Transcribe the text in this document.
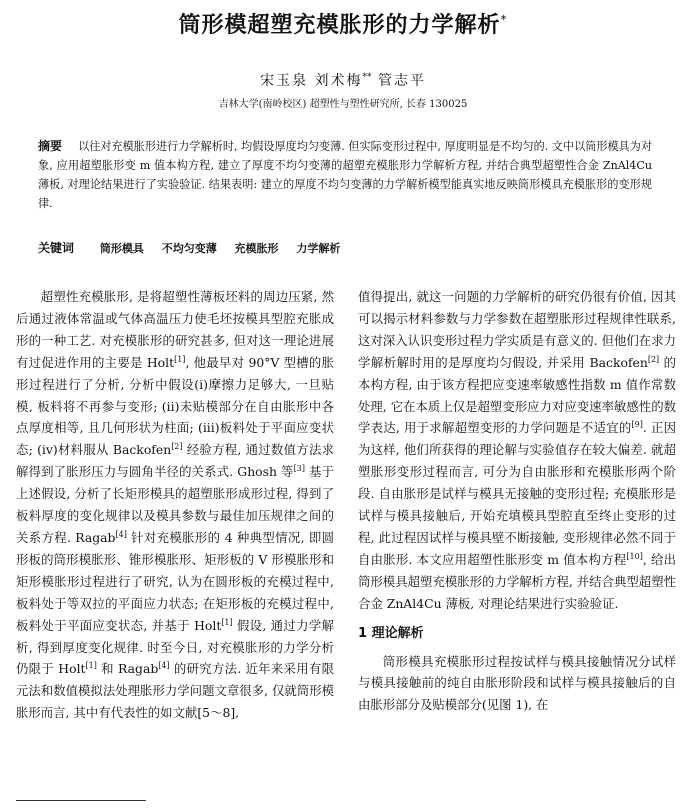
筒形模超塑充模胀形的力学解析*
宋玉泉 刘术梅** 管志平
吉林大学(南岭校区) 超塑性与塑性研究所, 长春 130025
摘要 以往对充模胀形进行力学解析时, 均假设厚度均匀变薄. 但实际变形过程中, 厚度明显是不均匀的. 文中以筒形模具为对象, 应用超塑胀形变 m 值本构方程, 建立了厚度不均匀变薄的超塑充模胀形力学解析方程, 并结合典型超塑性合金 ZnAl4Cu 薄板, 对理论结果进行了实验验证. 结果表明: 建立的厚度不均匀变薄的力学解析模型能真实地反映筒形模具充模胀形的变形规律.
关键词 筒形模具 不均匀变薄 充模胀形 力学解析

超塑性充模胀形, 是将超塑性薄板坯料的周边压紧, 然后通过液体常温或气体高温压力使毛坯按模具型腔充胀成形的一种工艺. 对充模胀形的研究甚多, 但对这一理论进展有过促进作用的主要是 Holt[1], 他最早对 90°V 型槽的胀形过程进行了分析, 分析中假设(i)摩擦力足够大, 一旦贴模, 板料将不再参与变形; (ii)未贴模部分在自由胀形中各点厚度相等, 且几何形状为柱面; (iii)板料处于平面应变状态; (iv)材料服从 Backofen[2] 经验方程, 通过数值方法求解得到了胀形压力与圆角半径的关系式. Ghosh 等[3] 基于上述假设, 分析了长矩形模具的超塑胀形成形过程, 得到了板料厚度的变化规律以及模具参数与最佳加压规律之间的关系方程. Ragab[4] 针对充模胀形的 4 种典型情况, 即圆形板的筒形模胀形、锥形模胀形、矩形板的 V 形模胀形和矩形模胀形过程进行了研究, 认为在圆形板的充模过程中, 板料处于等双拉的平面应力状态; 在矩形板的充模过程中, 板料处于平面应变状态, 并基于 Holt[1] 假设, 通过力学解析, 得到厚度变化规律. 时至今日, 对充模胀形的力学分析仍限于 Holt[1] 和 Ragab[4] 的研究方法. 近年来采用有限元法和数值模拟法处理胀形力学问题文章很多, 仅就筒形模胀形而言, 其中有代表性的如文献[5～8],

值得提出, 就这一问题的力学解析的研究仍很有价值, 因其可以揭示材料参数与力学参数在超塑胀形过程规律性联系, 这对深入认识变形过程力学实质是有意义的. 但他们在求力学解析解时用的是厚度均匀假设, 并采用 Backofen[2] 的本构方程, 由于该方程把应变速率敏感性指数 m 值作常数处理, 它在本质上仅是超塑变形应力对应变速率敏感性的数学表达, 用于求解超塑变形的力学问题是不适宜的[9]. 正因为这样, 他们所获得的理论解与实验值存在较大偏差. 就超塑胀形变形过程而言, 可分为自由胀形和充模胀形两个阶段. 自由胀形是试样与模具无接触的变形过程; 充模胀形是试样与模具接触后, 开始充填模具型腔直至终止变形的过程, 此过程因试样与模具壁不断接触, 变形规律必然不同于自由胀形. 本文应用超塑性胀形变 m 值本构方程[10], 给出筒形模具超塑充模胀形的力学解析方程, 并结合典型超塑性合金 ZnAl4Cu 薄板, 对理论结果进行实验验证.

1 理论解析

筒形模具充模胀形过程按试样与模具接触情况分试样与模具接触前的纯自由胀形阶段和试样与模具接触后的自由胀形部分及贴模部分(见图 1), 在
